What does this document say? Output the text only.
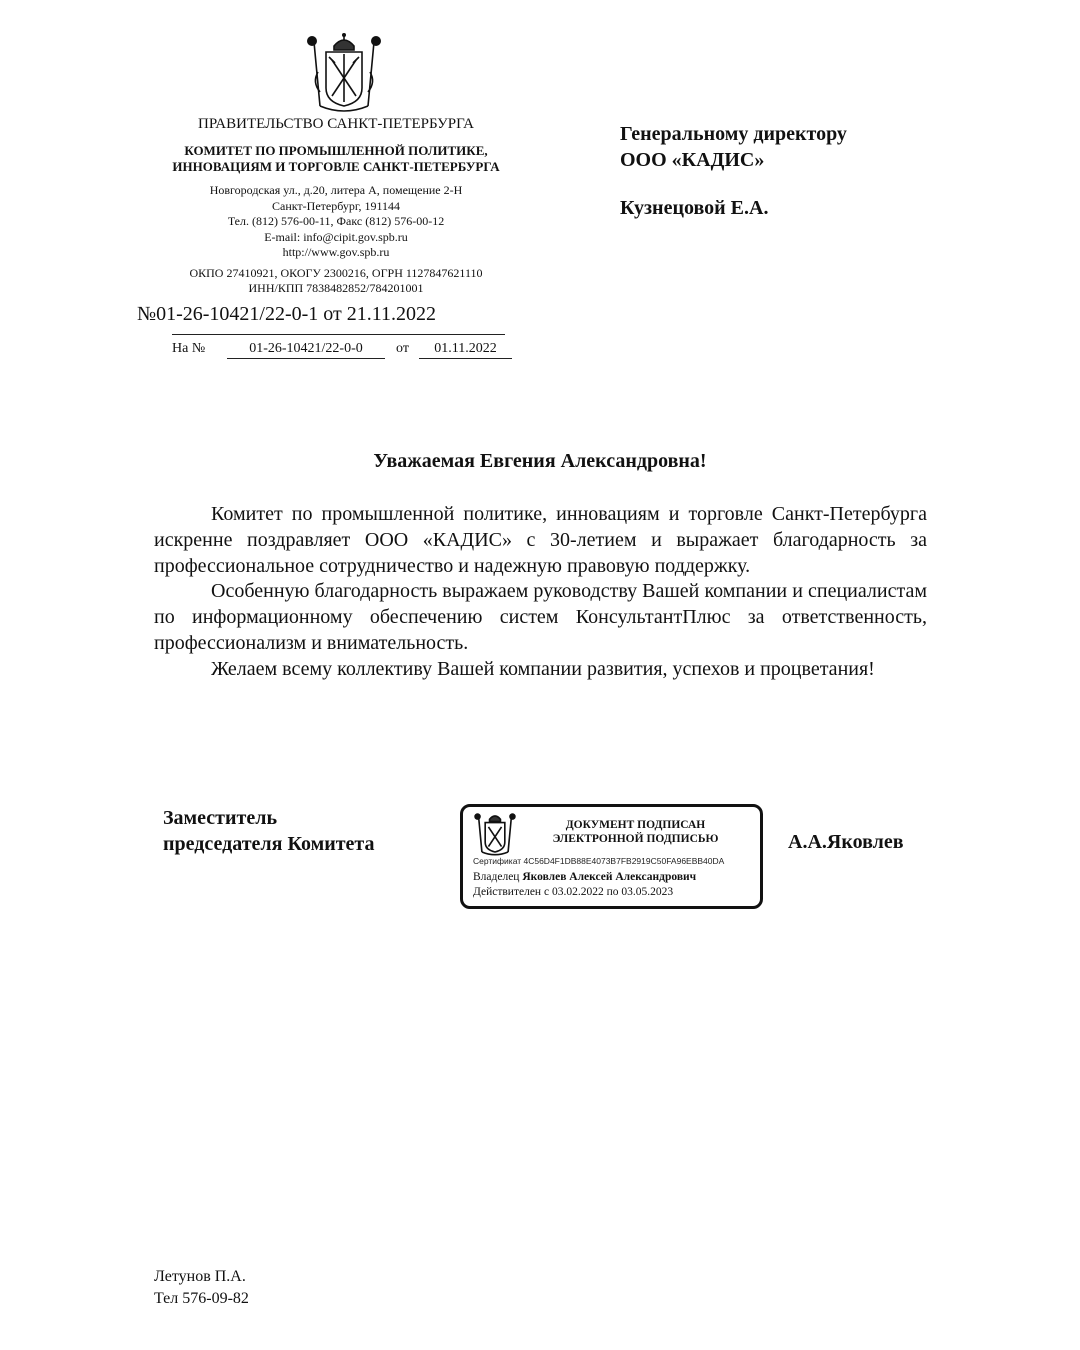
ПРАВИТЕЛЬСТВО САНКТ-ПЕТЕРБУРГА
КОМИТЕТ ПО ПРОМЫШЛЕННОЙ ПОЛИТИКЕ,
ИННОВАЦИЯМ И ТОРГОВЛЕ САНКТ-ПЕТЕРБУРГА
Новгородская ул., д.20, литера А, помещение 2-Н
Санкт-Петербург, 191144
Тел. (812) 576-00-11, Факс (812) 576-00-12
E-mail: info@cipit.gov.spb.ru
http://www.gov.spb.ru
ОКПО 27410921, ОКОГУ 2300216, ОГРН 1127847621110
ИНН/КПП 7838482852/784201001
№01-26-10421/22-0-1 от 21.11.2022
На №	01-26-10421/22-0-0	от	01.11.2022
Генеральному директору
ООО «КАДИС»
Кузнецовой Е.А.
Уважаемая Евгения Александровна!

Комитет по промышленной политике, инновациям и торговле Санкт-Петербурга искренне поздравляет ООО «КАДИС» с 30-летием и выражает благодарность за профессиональное сотрудничество и надежную правовую поддержку.

Особенную благодарность выражаем руководству Вашей компании и специалистам по информационному обеспечению систем КонсультантПлюс за ответственность, профессионализм и внимательность.

Желаем всему коллективу Вашей компании развития, успехов и процветания!

Заместитель
председателя Комитета
ДОКУМЕНТ ПОДПИСАН
ЭЛЕКТРОННОЙ ПОДПИСЬЮ
Сертификат 4C56D4F1DB88E4073B7FB2919C50FA96EBB40DA
Владелец Яковлев Алексей Александрович
Действителен с 03.02.2022 по 03.05.2023
А.А.Яковлев
Летунов П.А.
Тел 576-09-82
